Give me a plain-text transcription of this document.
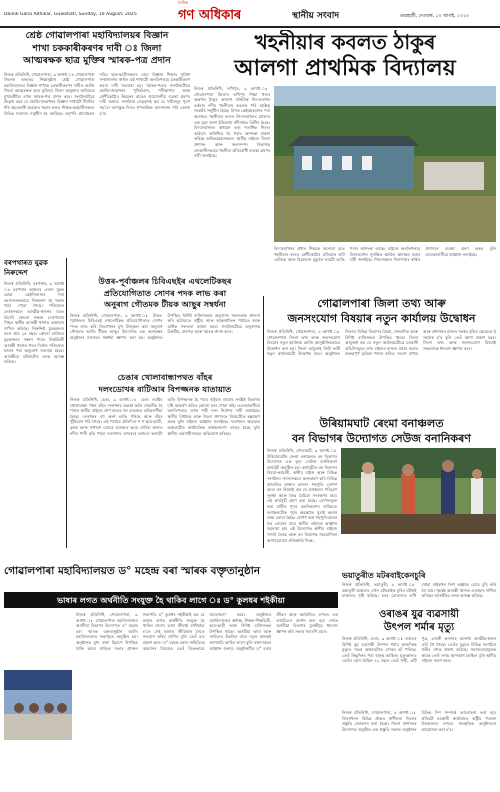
Dainik Gana Adhikar, Guwahati, Sunday, 10 August, 2025
দৈনিক
গণ অধিকাৰ	স্থানীয় সংবাদ	গুৱাহাটী, দেওবাৰ, ১০ আগষ্ট, ২০২৫
শ্ৰেষ্ঠ গোৱালপাৰা মহাবিদ্যালয়ৰ বিজ্ঞান
শাখা চককাৰীকৰণৰ দাবী ঃ জিলা
আত্মৰক্ষক ছাত্ৰ মুক্তিৰ স্মাৰক-পত্ৰ প্ৰদান
নিজস্ব প্ৰতিনিধি, গোৱালপাৰা, ৯ আগষ্ট ঃ গোৱালপাৰা জিলাৰ অন্যতম শিক্ষানুষ্ঠান শ্ৰেষ্ঠ গোৱালপাৰা মহাবিদ্যালয়ৰ বিজ্ঞান শাখাক চৰকাৰীকৰণৰ দাবীত আজি জিলা আত্মৰক্ষক ছাত্ৰ মুক্তিয়ে জিলা আয়ুক্তৰ জৰিয়তে মুখ্যমন্ত্ৰীলৈ এখন স্মাৰক-পত্ৰ প্ৰদান কৰে। সংগঠনটোৱে উল্লেখ কৰে যে মহাবিদ্যালয়খনৰ বিজ্ঞান শাখাটো দীৰ্ঘদিন ধৰি অচৰকাৰী অৱস্থাত থকাৰ ফলত শিক্ষক-কৰ্মচাৰীসকলে বিভিন্ন সমস্যাৰ সন্মুখীন হৈ আহিছে। তদুপৰি গ্ৰামাঞ্চলৰ দৰিদ্ৰ ছাত্ৰ-ছাত্ৰীসকলৰ বাবে বিজ্ঞান শিক্ষাৰ সুবিধা সম্প্ৰসাৰণৰ স্বাৰ্থত এই শাখাটো অনতিপলমে চৰকাৰীকৰণ কৰাৰ দাবী জনোৱা হয়। স্মাৰক-পত্ৰত সংগঠনটোৱে মহাবিদ্যালয়খনৰ পুথিভঁৰাল, পৰীক্ষাগাৰ আৰু শ্ৰেণীকোঠাৰ উন্নয়নৰ বাবেও প্ৰয়োজনীয় ব্যৱস্থা গ্ৰহণৰ দাবী জনায়। সংগঠনৰ নেতৃবৃন্দই কয় যে দাবীসমূহ পূৰণ নহ'লে আগন্তুক দিনত গণতান্ত্ৰিক আন্দোলন গঢ়ি তোলা হ'ব।
খহনীয়াৰ কবলত ঠাকুৰ
আলগা প্ৰাথমিক বিদ্যালয়
নিজস্ব প্ৰতিনিধি, লখিপুৰ, ৯ আগষ্ট ঃ গোৱালপাৰা জিলাৰ লখিপুৰ শিক্ষা খণ্ডৰ অন্তৰ্গত ঠাকুৰ আলগা প্ৰাথমিক বিদ্যালয়খন বৰ্তমান নদীৰ খহনীয়াৰ কবলত পৰি অস্তিত্ব সংকটৰ সন্মুখীন হৈছে। বিগত কেইবছৰমানৰ পৰা অব্যাহত খহনীয়াৰ ফলত বিদ্যালয়খনৰ চৌহদৰ এক বৃহৎ অংশ ইতিমধ্যে নদীগৰ্ভত বিলীন হৈছে। বিদ্যালয়খনত অধ্যয়ন কৰা শতাধিক শিশুৰ ভৱিষ্যৎ অনিশ্চিত হৈ পৰাৰ আশংকা প্ৰকাশ কৰিছে অভিভাৱকসকলে। স্থানীয় ৰাইজে জিলা প্ৰশাসন আৰু জলসম্পদ বিভাগক তৎকালীনভাৱে খহনীয়া প্ৰতিৰোধী ব্যৱস্থা গ্ৰহণৰ দাবী জনাইছে।
বিদ্যালয়খনৰ প্ৰধান শিক্ষকে জনোৱা মতে খহনীয়াৰ ফলত শ্ৰেণীকোঠাৰ মজিয়াত ফাট মেলিছে আৰু যিকোনো মুহূৰ্তত ঘৰটো ভাঙি পৰাৰ আশংকা আছে। ৰাইজে অনতিপলমে বিদ্যালয়খন সুৰক্ষিত স্থানলৈ স্থানান্তৰ কৰাৰ দাবী জনাইছে। শিশুসকলৰ নিৰাপত্তাৰ স্বাৰ্থত প্ৰশাসনে ব্যৱস্থা গ্ৰহণ কৰক বুলি এলেকাবাসীয়ে আহ্বান জনাইছে।
বৰপথাৰত যুৱক নিৰুদ্দেশ
নিজস্ব প্ৰতিনিধি, বৰপথাৰ, ৯ আগষ্ট ঃ বৰপথাৰ অঞ্চলৰ এজন যুৱক যোৱা কেইদিনমানৰ পৰা ৰহস্যজনকভাৱে নিৰুদ্দেশ হৈ থকাৰ খবৰ পোৱা গৈছে। পৰিয়ালৰ লোকসকলে আত্মীয়-স্বজনৰ ঘৰত বিচাৰি কোনো সন্ধান নোপোৱাৰ পিছত স্থানীয় আৰক্ষী থানাত এজাহাৰ দাখিল কৰিছে। নিৰুদ্দিষ্ট যুৱকজনৰ বয়স প্ৰায় ২৫ বছৰ। কোনো ব্যক্তিয়ে যুৱকজনৰ সন্ধান পালে নিকটৱৰ্তী আৰক্ষী থানাত খবৰ দিবলৈ পৰিয়ালৰ ফালৰ পৰা অনুৰোধ জনোৱা হৈছে। আৰক্ষীয়ে ঘটনাটোৰ তদন্ত আৰম্ভ কৰিছে।
উত্তৰ-পূৰ্বাঞ্চলৰ চিবিএছইৰ এথলেটিকছৰ
প্ৰতিযোগিতাত সোণৰ পদক লাভ কৰা
অনুৰাগ গৌতমক টীয়ক আছুৰ সম্বৰ্ধনা
নিজস্ব প্ৰতিনিধি, গোৱালপাৰা, ৯ আগষ্ট ঃ উত্তৰ-পূৰ্বাঞ্চলৰ চিবিএছই এথলেটিকছ প্ৰতিযোগিতাত সোণৰ পদক লাভ কৰি জিলাখনৰ মুখ উজ্জ্বল কৰা অনুৰাগ গৌতমক আজি টীয়ক আছুৰ উদ্যোগত এক অনাড়ম্বৰ অনুষ্ঠানৰ মাজেৰে সম্বৰ্ধনা জ্ঞাপন কৰা হয়। অনুষ্ঠানত উপস্থিত বিশিষ্ট ব্যক্তিসকলে অনুৰাগৰ সফলতাক প্ৰশংসা কৰি ভৱিষ্যতে ৰাষ্ট্ৰীয় আৰু আন্তৰ্জাতিক পৰ্যায়ত আৰু অধিক সফলতা কামনা কৰে। সংগঠনটোৱে অনুৰাগক উত্তৰীয়, মানপত্ৰ আৰু স্মাৰক প্ৰদান কৰে।
চেঙাৰ খোলাবান্ধাপথত বাঁহৰ
দলংডোখৰ বাটিআৰ বিপজ্জনক যাতায়াত
নিজস্ব প্ৰতিনিধি, চেঙা, ৯ আগষ্ট ঃ চেঙা সমষ্টিৰ খোলাবান্ধা পথৰ বাঁহৰ দলংখনৰ অৱস্থা অতি শোচনীয় হৈ পৰাত স্থানীয় ৰাইজে প্ৰাণ হাতত লৈ যাতায়ত কৰিবলগীয়া হৈছে। দলংখনৰ বহু অংশ ভাঙি পৰিছে আৰু বাঁহৰ খুঁটাবোৰ পচি গৈছে। এই পথেৰে প্ৰতিদিনে শ শ ছাত্ৰ-ছাত্ৰী, কৃষক আৰু সাধাৰণ লোকে যাতায়ত কৰে। বাৰিষা কালত নদীৰ পানী বৃদ্ধি পালে দলংখনৰ ওপৰেৰে চলাচল কৰাটো অতি বিপজ্জনক হৈ পৰে। ৰাইজে বহুবাৰ সংশ্লিষ্ট বিভাগৰ দৃষ্টি আকৰ্ষণ কৰিও কোনো ফল পোৱা নাই। এলেকাবাসীয়ে অনতিপলমে এখন পকী দলং নিৰ্মাণৰ দাবী জনাইছে। স্থানীয় বিধায়ক আৰু জিলা প্ৰশাসনে বিষয়টোত হস্তক্ষেপ কৰক বুলি ৰাইজে আহ্বান জনাইছে। দলংখনৰ অভাৱত অঞ্চলটোৰ অৰ্থনৈতিক কাৰ্যকলাপো ব্যাহত হৈছে বুলি স্থানীয় ব্যৱসায়ীসকলে অভিযোগ কৰিছে।
গোৱালপাৰা জিলা তথ্য আৰু
জনসংযোগ বিষয়াৰ নতুন কাৰ্যালয় উদ্বোধন
নিজস্ব প্ৰতিনিধি, গোৱালপাৰা, ৯ আগষ্ট ঃ গোৱালপাৰা জিলা তথ্য আৰু জনসংযোগ বিষয়াৰ নতুন কাৰ্যালয় আজি আনুষ্ঠানিকভাৱে উদ্বোধন কৰা হয়। জিলা আয়ুক্তই ফিটা কাটি নতুন কাৰ্যালয়টো উদ্বোধন কৰে। অনুষ্ঠানত জিলাৰ বিভিন্ন বিভাগৰ বিষয়া, সাংবাদিক আৰু বিশিষ্ট ব্যক্তিসকল উপস্থিত থাকে। জিলা আয়ুক্তই কয় যে নতুন কাৰ্যালয়টোৱে চৰকাৰী আঁচনিসমূহৰ তথ্য ৰাইজৰ মাজত প্ৰচাৰ কৰাত গুৰুত্বপূৰ্ণ ভূমিকা পালন কৰিব। সংবাদ মাধ্যম আৰু প্ৰশাসনৰ মাজত সমন্বয় বৃদ্ধিৰ ক্ষেত্ৰতো ই সহায়ক হ'ব বুলি তেওঁ আশা প্ৰকাশ কৰে। জিলা তথ্য আৰু জনসংযোগ বিষয়াই সকলোকে ধন্যবাদ জ্ঞাপন কৰে।
উৰিয়ামঘাট ৰেংমা বনাঞ্চলত
বন বিভাগৰ উদ্যোগত সেউজ বনানিকৰণ
নিজস্ব প্ৰতিনিধি, গোলাঘাট, ৯ আগষ্ট ঃ উৰিয়ামঘাটৰ ৰেংমা বনাঞ্চলত বন বিভাগৰ উদ্যোগত এক বৃহৎ সেউজ বনানিকৰণ কাৰ্যসূচী অনুষ্ঠিত হয়। কাৰ্যসূচীত বন বিভাগৰ বিষয়া-কৰ্মচাৰী, স্থানীয় ৰাইজ আৰু বিভিন্ন সংগঠনৰ সদস্যসকলে অংশগ্ৰহণ কৰি বিভিন্ন প্ৰজাতিৰ হাজাৰ হাজাৰ গছপুলি ৰোপণ কৰে। বন বিষয়াই কয় যে বনাঞ্চলৰ পৰিৱেশ সুৰক্ষা আৰু জৈৱ বৈচিত্ৰ্য সংৰক্ষণৰ বাবে এই কাৰ্যসূচী গ্ৰহণ কৰা হৈছে। বেদখলমুক্ত কৰা মাটিত পুনৰ বনানিকৰণৰ জৰিয়তে বনাঞ্চলটোক পূৰ্বৰ অৱস্থালৈ ঘূৰাই অনাৰ লক্ষ্য লোৱা হৈছে। ৰোপণ কৰা গছপুলিবোৰৰ যত্ন লোৱাৰ বাবে স্থানীয় ৰাইজক আহ্বান জনোৱা হয়। এই উদ্যোগক স্থানীয় ৰাইজে সাদৰি লৈছে আৰু বন বিভাগক সহযোগিতা আগবঢ়োৱাৰ প্ৰতিশ্ৰুতি দিছে।
ভয়াতুৰীত মটৰবাইকেনচুৰি
নিজস্ব প্ৰতিনিধি, ভয়াতুৰী, ৯ আগষ্ট ঃ ভয়াতুৰী অঞ্চলত এখন মটৰবাইক চুৰিৰ ঘটনাই চাঞ্চল্যৰ সৃষ্টি কৰিছে। ঘৰৰ চোতালত ৰাখি থোৱা বাইকখন নিশা অজ্ঞাত চোৰে চুৰি কৰি লৈ যায়। গৃহস্থই আৰক্ষী থানাত এজাহাৰ দাখিল কৰিছে। আৰক্ষীয়ে তদন্ত আৰম্ভ কৰিছে।
গোৱালপাৰা মহাবিদ্যালয়ত ড° মহেন্দ্ৰ বৰা স্মাৰক বক্তৃতানুষ্ঠান
ভাষাৰ লগত অৰ্থনীতি সংযুক্ত হৈ থাকিব লাগে ঃ ড° কুলধৰ শইকীয়া
নিজস্ব প্ৰতিনিধি, গোৱালপাৰা, ৯ আগষ্ট ঃ গোৱালপাৰা মহাবিদ্যালয়ৰ অসমীয়া বিভাগৰ উদ্যোগত ড° মহেন্দ্ৰ বৰা স্মাৰক বক্তৃতানুষ্ঠান আজি মহাবিদ্যালয়ৰ সভাগৃহত অনুষ্ঠিত হয়। অনুষ্ঠানত মুখ্য বক্তা হিচাপে উপস্থিত থাকি অসম সাহিত্য সভাৰ প্ৰাক্তন সভাপতি ড° কুলধৰ শইকীয়াই কয় যে ভাষাৰ লগত অৰ্থনীতি সংযুক্ত হৈ থাকিব লাগে। ভাষা জীয়াই ৰাখিবলৈ হ'লে সেই ভাষাক জীৱিকাৰ সৈতে সংযোগ কৰিব লাগিব বুলি তেওঁ মত প্ৰকাশ কৰে। ড° মহেন্দ্ৰ বৰাৰ সাহিত্যিক অৱদানৰ বিষয়েও তেওঁ বিতংভাৱে আলোচনা কৰে। অনুষ্ঠানত মহাবিদ্যালয়ৰ অধ্যক্ষ, শিক্ষক-শিক্ষয়িত্ৰী, ছাত্ৰ-ছাত্ৰী আৰু বিশিষ্ট ব্যক্তিসকল উপস্থিত থাকে। অসমীয়া ভাষা আৰু সাহিত্যৰ উন্নতিৰ বাবে নতুন প্ৰজন্মই আগবাঢ়ি আহিব লাগে বুলি বক্তাসকলে আহ্বান জনায়। অনুষ্ঠানটিত ড° বৰাৰ জীৱন আৰু কৰ্মৰাজিৰ ওপৰত এক তথ্যচিত্ৰও প্ৰদৰ্শন কৰা হয়। শেষত অসমীয়া বিভাগৰ মুৰব্বীয়ে ধন্যবাদ জ্ঞাপন কৰি সভাৰ সামৰণি মাৰে।
ওৰাঙৰ যুৱ ব্যৱসায়ী
উৎপল শৰ্মাৰ মৃত্যু
নিজস্ব প্ৰতিনিধি, ওৰাং, ৯ আগষ্ট ঃ ওৰাঙৰ বিশিষ্ট যুৱ ব্যৱসায়ী উৎপল শৰ্মাৰ আকস্মিক মৃত্যুত সমগ্ৰ অঞ্চলটোত শোকৰ ছাঁ পৰিছে। তেওঁ কিছুদিনৰ পৰা অসুস্থ আছিল। মৃত্যুকালত তেওঁৰ বয়স হৈছিল ৪২ বছৰ। তেওঁ পত্নী, এটি পুত্ৰ, এজনী কন্যাসহ অসংখ্য আত্মীয়-স্বজন এৰি থৈ গৈছে। তেওঁৰ মৃত্যুত বিভিন্ন সংগঠনে গভীৰ শোক প্ৰকাশ কৰিছে। সমাজসেৱামূলক কামত তেওঁ সদায় আগভাগ লৈছিল বুলি স্থানীয় ৰাইজে স্মৰণ কৰে।
নিজস্ব প্ৰতিনিধি, গোৱালপাৰা, ৯ আগষ্ট ঃ জিলাখনৰ বিভিন্ন প্ৰান্তত স্বাধীনতা দিৱসৰ প্ৰস্তুতি জোৰদাৰ কৰা হৈছে। জিলা প্ৰশাসনৰ উদ্যোগত অনুষ্ঠিত এক প্ৰস্তুতি সভাত অনুষ্ঠানৰ বিভিন্ন দিশ সম্পৰ্কে আলোচনা কৰা হয়। প্ৰতিটো চৰকাৰী কাৰ্যালয়ত ৰাষ্ট্ৰীয় পতাকা উত্তোলনৰ লগতে সাংস্কৃতিক অনুষ্ঠানৰো আয়োজন কৰা হ'ব।
